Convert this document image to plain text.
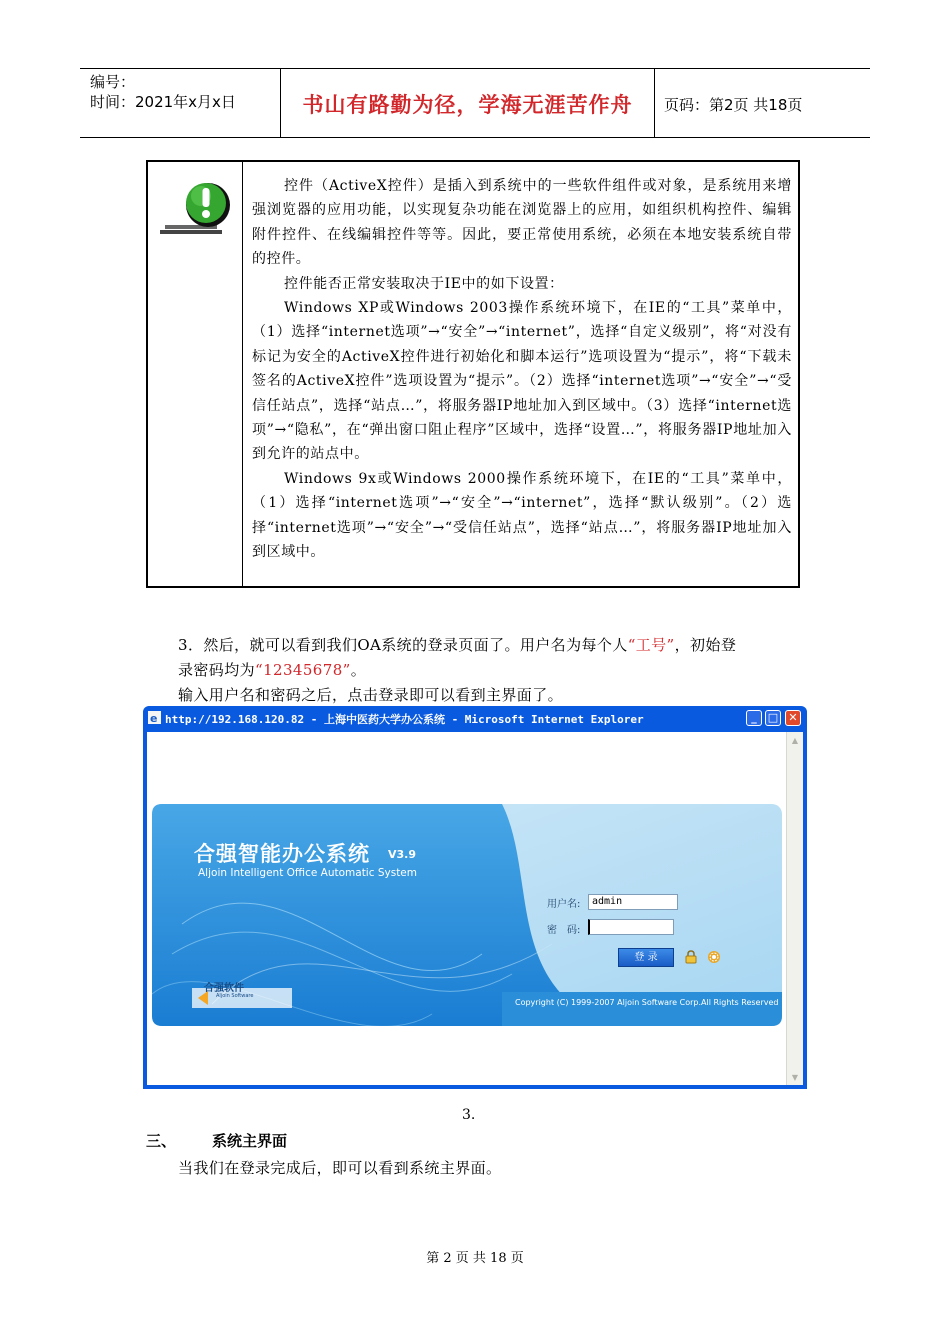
编号：
时间：2021年x月x日	书山有路勤为径，学海无涯苦作舟	页码：第2页 共18页

控件（ActiveX控件）是插入到系统中的一些软件组件或对象，是系统用来增强浏览器的应用功能，以实现复杂功能在浏览器上的应用，如组织机构控件、编辑附件控件、在线编辑控件等等。因此，要正常使用系统，必须在本地安装系统自带的控件。

控件能否正常安装取决于IE中的如下设置：

Windows XP或Windows 2003操作系统环境下，在IE的“工具”菜单中，（1）选择“internet选项”→“安全”→“internet”，选择“自定义级别”，将“对没有标记为安全的ActiveX控件进行初始化和脚本运行”选项设置为“提示”，将“下载未签名的ActiveX控件”选项设置为“提示”。（2）选择“internet选项”→“安全”→“受信任站点”，选择“站点…”，将服务器IP地址加入到区域中。（3）选择“internet选项”→“隐私”，在“弹出窗口阻止程序”区域中，选择“设置…”，将服务器IP地址加入到允许的站点中。

Windows 9x或Windows 2000操作系统环境下，在IE的“工具”菜单中，（1）选择“internet选项”→“安全”→“internet”，选择“默认级别”。（2）选择“internet选项”→“安全”→“受信任站点”，选择“站点…”，将服务器IP地址加入到区域中。

3．然后，就可以看到我们OA系统的登录页面了。用户名为每个人“工号”，初始登
录密码均为“12345678”。
输入用户名和密码之后，点击登录即可以看到主界面了。
e http://192.168.120.82 - 上海中医药大学办公系统 - Microsoft Internet Explorer	_	□ ✕
▲
▼
合强智能办公系统 V3.9
Aljoin Intelligent Office Automatic System
用户名:	admin
密　码:
登 录
合强软件
Aljoin Software
Copyright (C) 1999-2007 Aljoin Software Corp.All Rights Reserved
3.
三、 系统主界面
当我们在登录完成后，即可以看到系统主界面。
第 2 页 共 18 页
